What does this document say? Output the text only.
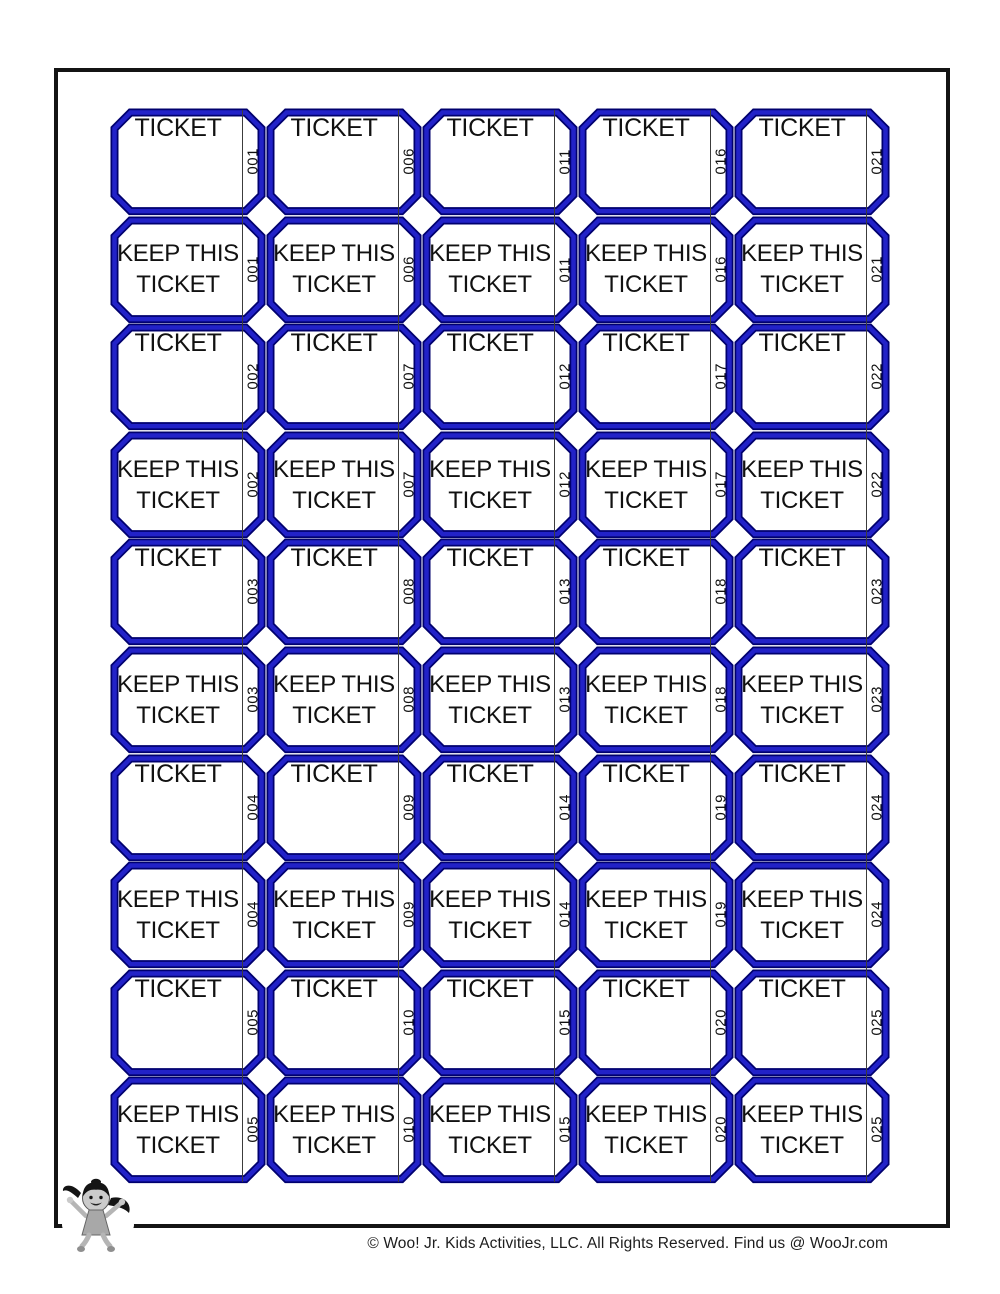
TICKET
001
TICKET
006
TICKET
011
TICKET
016
TICKET
021
KEEP THIS TICKET
001
KEEP THIS TICKET
006
KEEP THIS TICKET
011
KEEP THIS TICKET
016
KEEP THIS TICKET
021
TICKET
002
TICKET
007
TICKET
012
TICKET
017
TICKET
022
KEEP THIS TICKET
002
KEEP THIS TICKET
007
KEEP THIS TICKET
012
KEEP THIS TICKET
017
KEEP THIS TICKET
022
TICKET
003
TICKET
008
TICKET
013
TICKET
018
TICKET
023
KEEP THIS TICKET
003
KEEP THIS TICKET
008
KEEP THIS TICKET
013
KEEP THIS TICKET
018
KEEP THIS TICKET
023
TICKET
004
TICKET
009
TICKET
014
TICKET
019
TICKET
024
KEEP THIS TICKET
004
KEEP THIS TICKET
009
KEEP THIS TICKET
014
KEEP THIS TICKET
019
KEEP THIS TICKET
024
TICKET
005
TICKET
010
TICKET
015
TICKET
020
TICKET
025
KEEP THIS TICKET
005
KEEP THIS TICKET
010
KEEP THIS TICKET
015
KEEP THIS TICKET
020
KEEP THIS TICKET
025
© Woo! Jr. Kids Activities, LLC. All Rights Reserved. Find us @ WooJr.com
